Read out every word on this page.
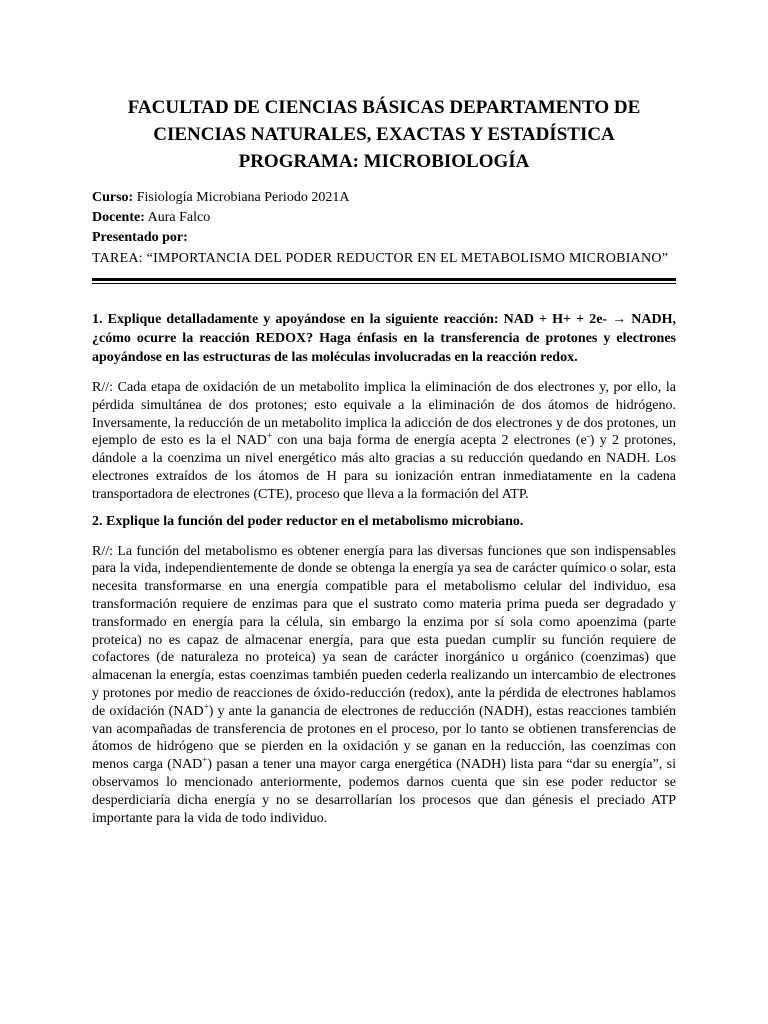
FACULTAD DE CIENCIAS BÁSICAS DEPARTAMENTO DE
CIENCIAS NATURALES, EXACTAS Y ESTADÍSTICA
PROGRAMA: MICROBIOLOGÍA
Curso: Fisiología Microbiana Periodo 2021A
Docente: Aura Falco
Presentado por:
TAREA: “IMPORTANCIA DEL PODER REDUCTOR EN EL METABOLISMO MICROBIANO”
1. Explique detalladamente y apoyándose en la siguiente reacción: NAD + H+ + 2e- → NADH, ¿cómo ocurre la reacción REDOX? Haga énfasis en la transferencia de protones y electrones apoyándose en las estructuras de las moléculas involucradas en la reacción redox.
R//: Cada etapa de oxidación de un metabolito implica la eliminación de dos electrones y, por ello, la pérdida simultánea de dos protones; esto equivale a la eliminación de dos átomos de hidrógeno. Inversamente, la reducción de un metabolito implica la adicción de dos electrones y de dos protones, un ejemplo de esto es la el NAD+ con una baja forma de energía acepta 2 electrones (e-) y 2 protones, dándole a la coenzima un nivel energético más alto gracias a su reducción quedando en NADH. Los electrones extraídos de los átomos de H para su ionización entran inmediatamente en la cadena transportadora de electrones (CTE), proceso que lleva a la formación del ATP.
2. Explique la función del poder reductor en el metabolismo microbiano.
R//: La función del metabolismo es obtener energía para las diversas funciones que son indispensables para la vida, independientemente de donde se obtenga la energía ya sea de carácter químico o solar, esta necesita transformarse en una energía compatible para el metabolismo celular del individuo, esa transformación requiere de enzimas para que el sustrato como materia prima pueda ser degradado y transformado en energía para la célula, sin embargo la enzima por sí sola como apoenzima (parte proteica) no es capaz de almacenar energía, para que esta puedan cumplir su función requiere de cofactores (de naturaleza no proteica) ya sean de carácter inorgánico u orgánico (coenzimas) que almacenan la energía, estas coenzimas también pueden cederla realizando un intercambio de electrones y protones por medio de reacciones de óxido-reducción (redox), ante la pérdida de electrones hablamos de oxidación (NAD+) y ante la ganancia de electrones de reducción (NADH), estas reacciones también van acompañadas de transferencia de protones en el proceso, por lo tanto se obtienen transferencias de átomos de hidrógeno que se pierden en la oxidación y se ganan en la reducción, las coenzimas con menos carga (NAD+) pasan a tener una mayor carga energética (NADH) lista para “dar su energía”, si observamos lo mencionado anteriormente, podemos darnos cuenta que sin ese poder reductor se desperdiciaría dicha energía y no se desarrollarían los procesos que dan génesis el preciado ATP importante para la vida de todo individuo.
